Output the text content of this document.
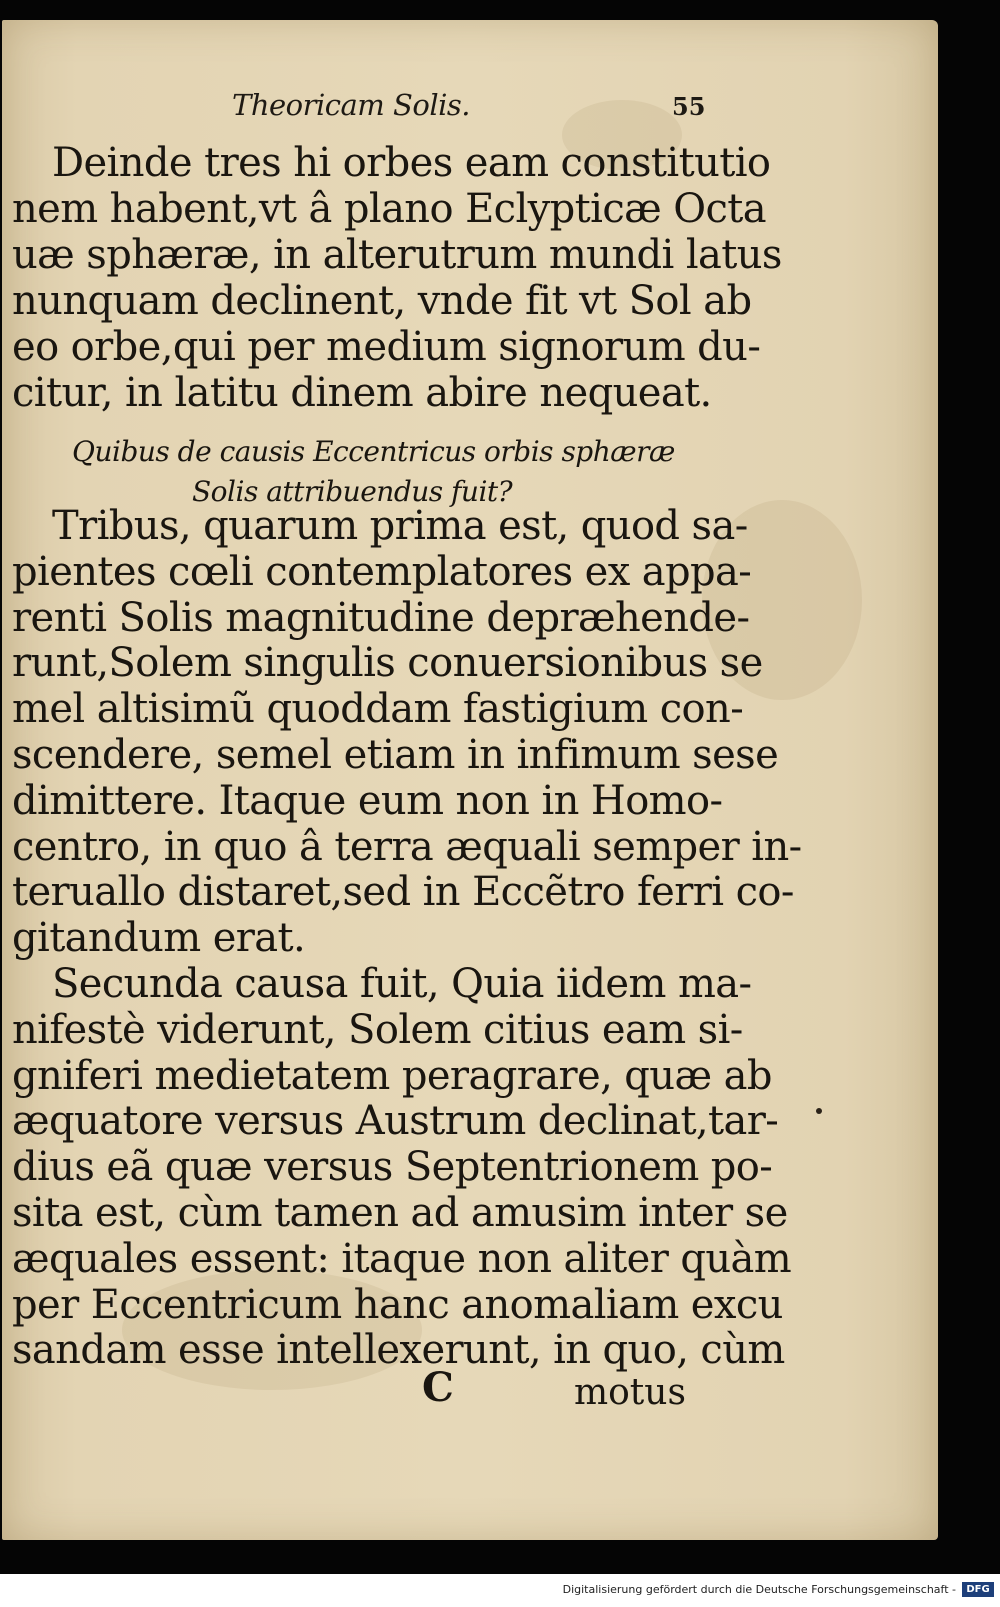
Theoricam Solis.	55
Deinde tres hi orbes eam constitutio
nem habent,vt â plano Eclypticæ Octa
uæ sphæræ, in alterutrum mundi latus
nunquam declinent, vnde fit vt Sol ab
eo orbe,qui per medium signorum du-
citur, in latitu dinem abire nequeat.
Quibus de causis Eccentricus orbis sphæræ
Solis attribuendus fuit?
Tribus, quarum prima est, quod sa-
pientes cœli contemplatores ex appa-
renti Solis magnitudine depræhende-
runt,Solem singulis conuersionibus se
mel altisimũ quoddam fastigium con-
scendere, semel etiam in infimum sese
dimittere. Itaque eum non in Homo-
centro, in quo â terra æquali semper in-
teruallo distaret,sed in Eccẽtro ferri co-
gitandum erat.
Secunda causa fuit, Quia iidem ma-
nifestè viderunt, Solem citius eam si-
gniferi medietatem peragrare, quæ ab
æquatore versus Austrum declinat,tar-
dius eã quæ versus Septentrionem po-
sita est, cùm tamen ad amusim inter se
æquales essent: itaque non aliter quàm
per Eccentricum hanc anomaliam excu
sandam esse intellexerunt, in quo, cùm
C	motus
Digitalisierung gefördert durch die Deutsche Forschungsgemeinschaft -	DFG
